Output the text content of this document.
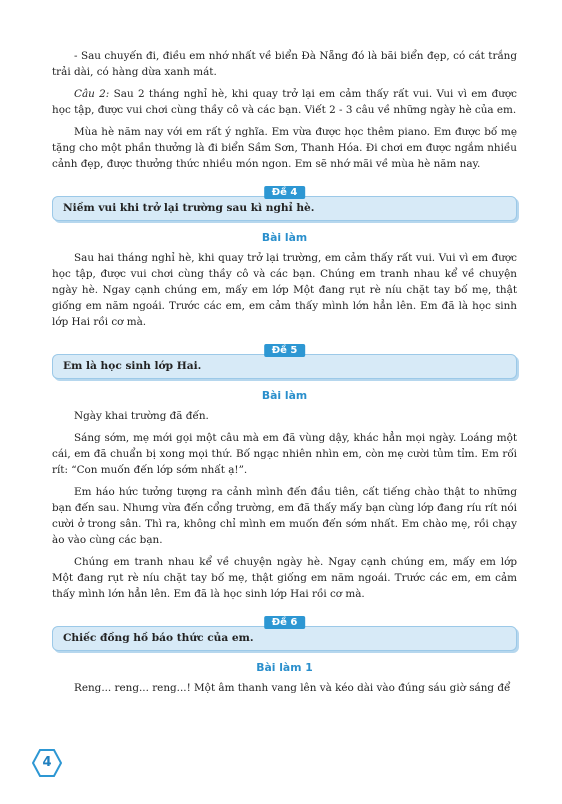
- Sau chuyến đi, điều em nhớ nhất về biển Đà Nẵng đó là bãi biển đẹp, có cát trắng trải dài, có hàng dừa xanh mát.

Câu 2: Sau 2 tháng nghỉ hè, khi quay trở lại em cảm thấy rất vui. Vui vì em được học tập, được vui chơi cùng thầy cô và các bạn. Viết 2 - 3 câu về những ngày hè của em.

Mùa hè năm nay với em rất ý nghĩa. Em vừa được học thêm piano. Em được bố mẹ tặng cho một phần thưởng là đi biển Sầm Sơn, Thanh Hóa. Đi chơi em được ngắm nhiều cảnh đẹp, được thưởng thức nhiều món ngon. Em sẽ nhớ mãi về mùa hè năm nay.

Đề 4
Niềm vui khi trở lại trường sau kì nghỉ hè.
Bài làm

Sau hai tháng nghỉ hè, khi quay trở lại trường, em cảm thấy rất vui. Vui vì em được học tập, được vui chơi cùng thầy cô và các bạn. Chúng em tranh nhau kể về chuyện ngày hè. Ngay cạnh chúng em, mấy em lớp Một đang rụt rè níu chặt tay bố mẹ, thật giống em năm ngoái. Trước các em, em cảm thấy mình lớn hẳn lên. Em đã là học sinh lớp Hai rồi cơ mà.

Đề 5
Em là học sinh lớp Hai.
Bài làm

Ngày khai trường đã đến.

Sáng sớm, mẹ mới gọi một câu mà em đã vùng dậy, khác hẳn mọi ngày. Loáng một cái, em đã chuẩn bị xong mọi thứ. Bố ngạc nhiên nhìn em, còn mẹ cười tủm tỉm. Em rối rít: “Con muốn đến lớp sớm nhất ạ!”.

Em háo hức tưởng tượng ra cảnh mình đến đầu tiên, cất tiếng chào thật to những bạn đến sau. Nhưng vừa đến cổng trường, em đã thấy mấy bạn cùng lớp đang ríu rít nói cười ở trong sân. Thì ra, không chỉ mình em muốn đến sớm nhất. Em chào mẹ, rồi chạy ào vào cùng các bạn.

Chúng em tranh nhau kể về chuyện ngày hè. Ngay cạnh chúng em, mấy em lớp Một đang rụt rè níu chặt tay bố mẹ, thật giống em năm ngoái. Trước các em, em cảm thấy mình lớn hẳn lên. Em đã là học sinh lớp Hai rồi cơ mà.

Đề 6
Chiếc đồng hồ báo thức của em.
Bài làm 1

Reng... reng... reng...! Một âm thanh vang lên và kéo dài vào đúng sáu giờ sáng để

4
